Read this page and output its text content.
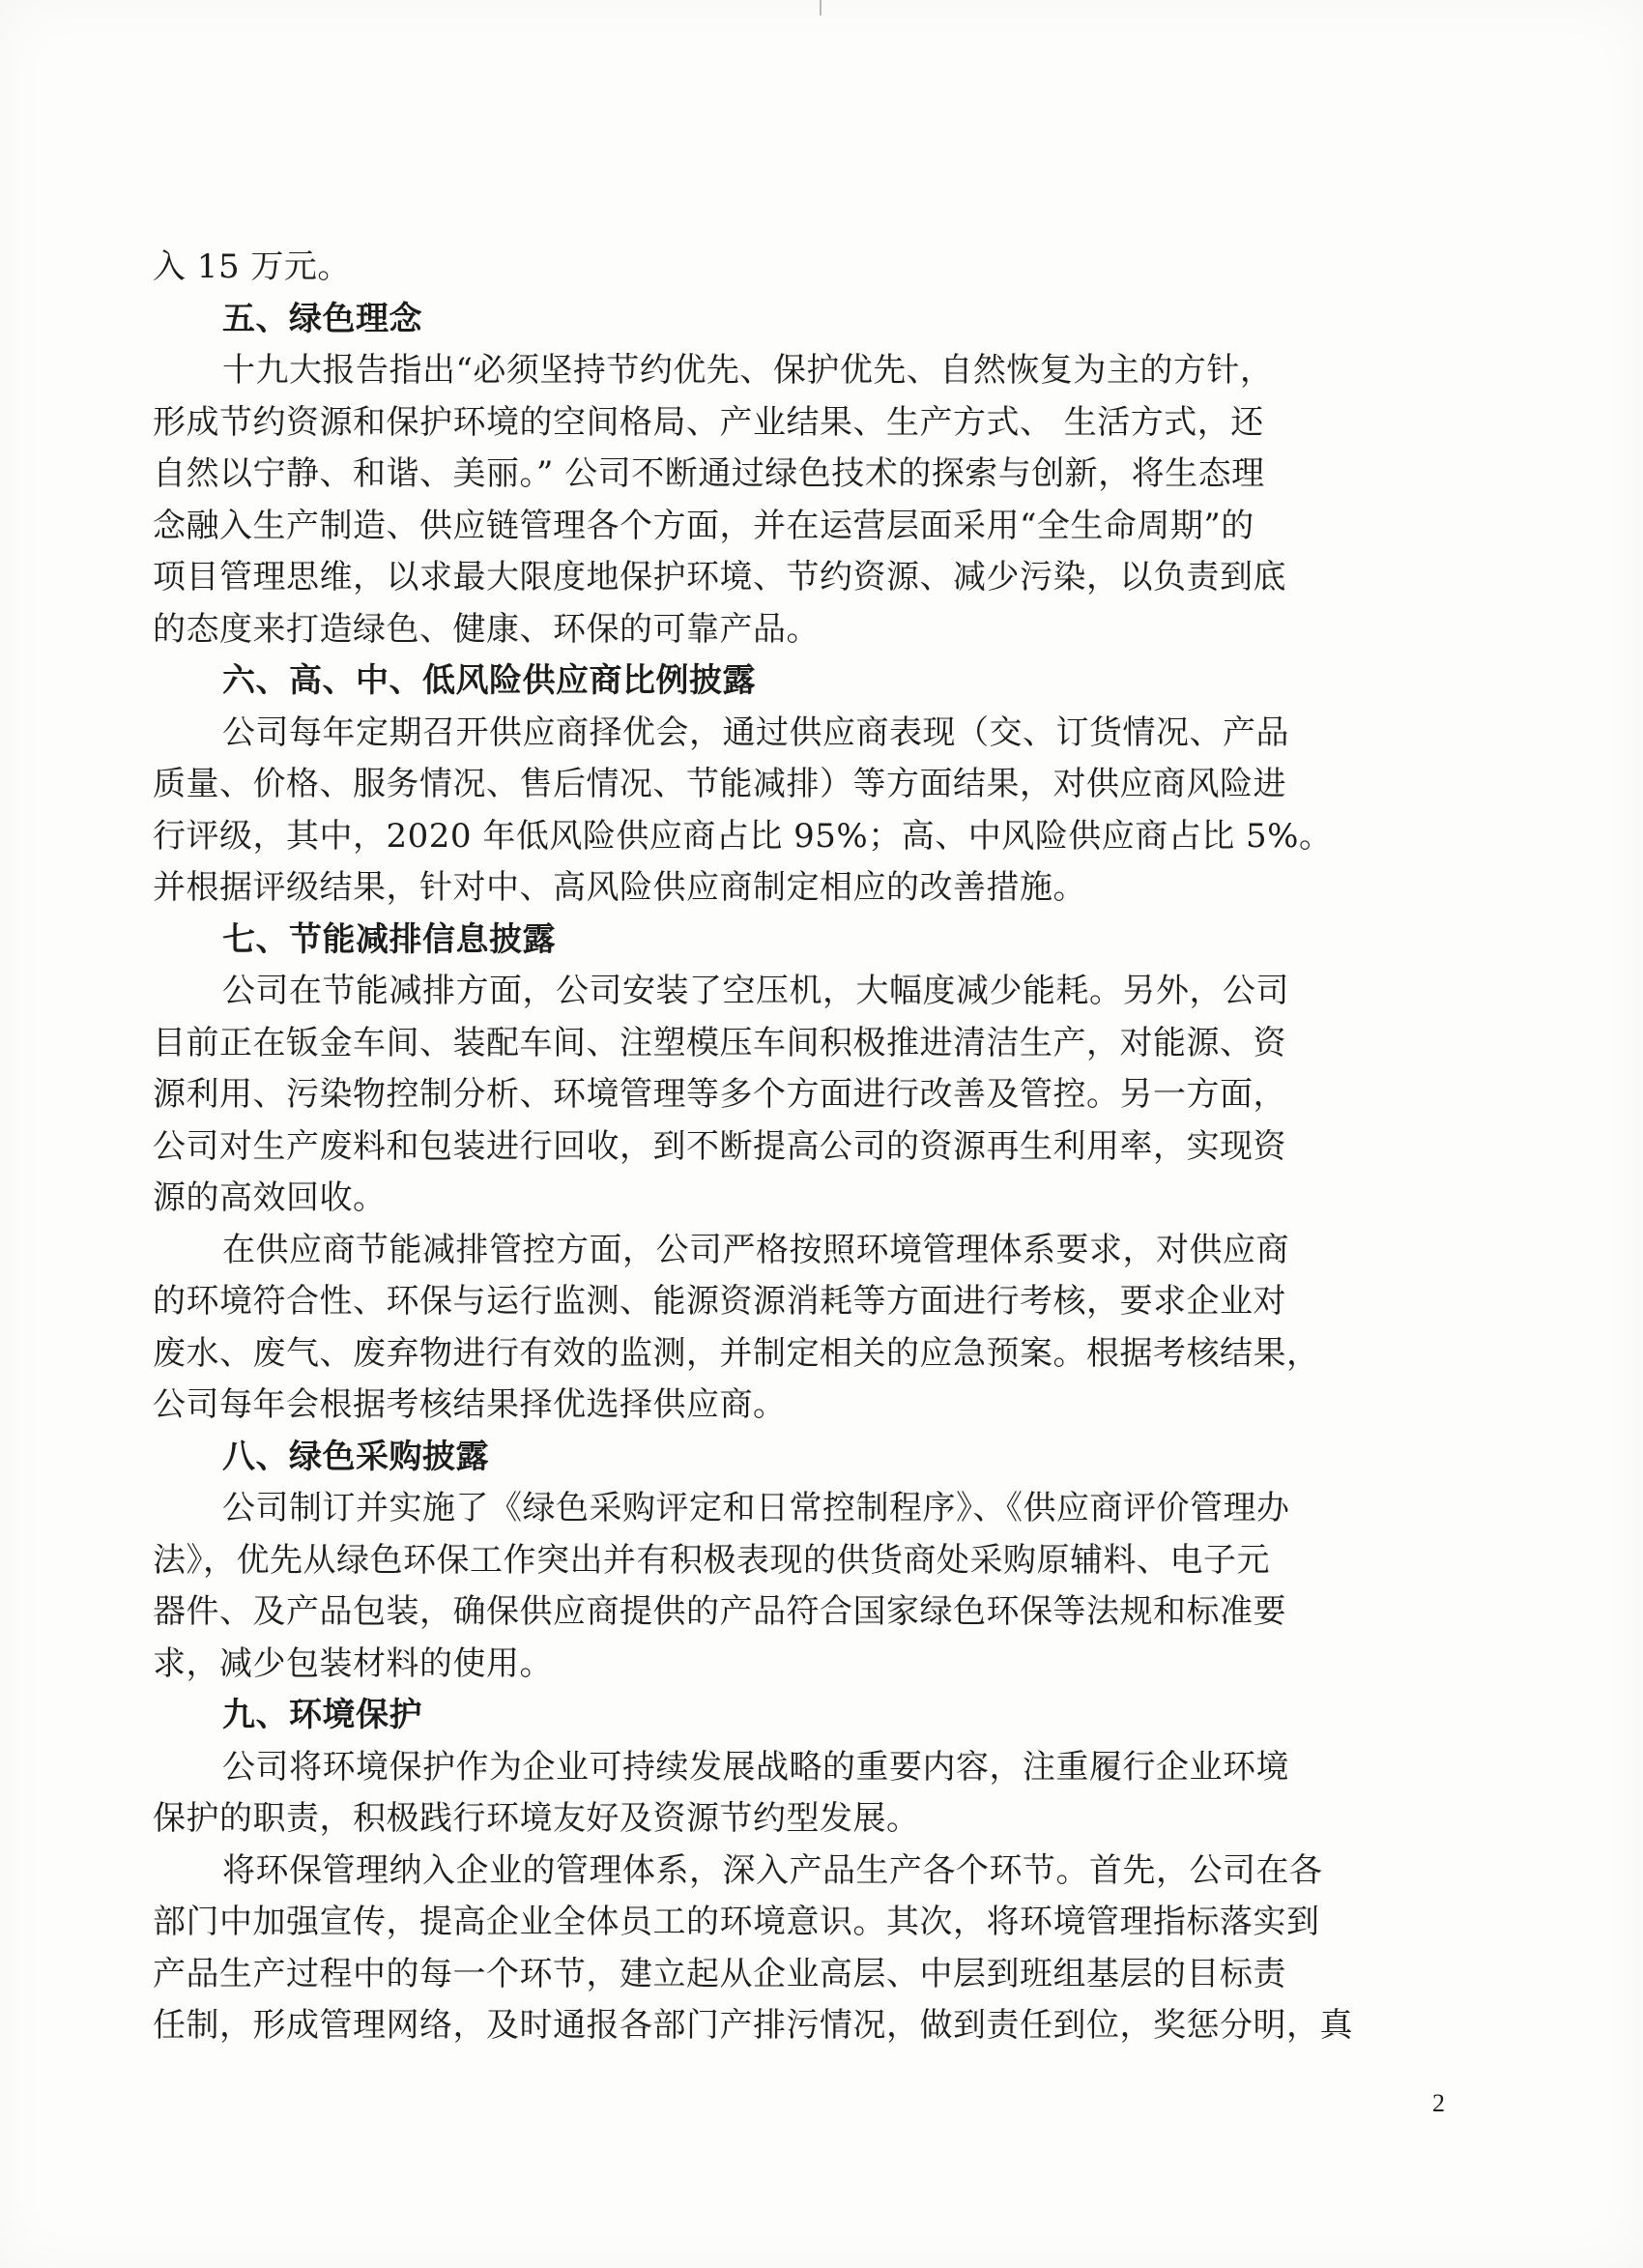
入 15 万元。
五、绿色理念
十九大报告指出“必须坚持节约优先、保护优先、自然恢复为主的方针，
形成节约资源和保护环境的空间格局、产业结果、生产方式、 生活方式，还
自然以宁静、和谐、美丽。” 公司不断通过绿色技术的探索与创新，将生态理
念融入生产制造、供应链管理各个方面，并在运营层面采用“全生命周期”的
项目管理思维，以求最大限度地保护环境、节约资源、减少污染，以负责到底
的态度来打造绿色、健康、环保的可靠产品。
六、高、中、低风险供应商比例披露
公司每年定期召开供应商择优会，通过供应商表现（交、订货情况、产品
质量、价格、服务情况、售后情况、节能减排）等方面结果，对供应商风险进
行评级，其中，2020 年低风险供应商占比 95%；高、中风险供应商占比 5%。
并根据评级结果，针对中、高风险供应商制定相应的改善措施。
七、节能减排信息披露
公司在节能减排方面，公司安装了空压机，大幅度减少能耗。另外，公司
目前正在钣金车间、装配车间、注塑模压车间积极推进清洁生产，对能源、资
源利用、污染物控制分析、环境管理等多个方面进行改善及管控。另一方面，
公司对生产废料和包装进行回收，到不断提高公司的资源再生利用率，实现资
源的高效回收。
在供应商节能减排管控方面，公司严格按照环境管理体系要求，对供应商
的环境符合性、环保与运行监测、能源资源消耗等方面进行考核，要求企业对
废水、废气、废弃物进行有效的监测，并制定相关的应急预案。根据考核结果，
公司每年会根据考核结果择优选择供应商。
八、绿色采购披露
公司制订并实施了《绿色采购评定和日常控制程序》、《供应商评价管理办
法》，优先从绿色环保工作突出并有积极表现的供货商处采购原辅料、电子元
器件、及产品包装，确保供应商提供的产品符合国家绿色环保等法规和标准要
求，减少包装材料的使用。
九、环境保护
公司将环境保护作为企业可持续发展战略的重要内容，注重履行企业环境
保护的职责，积极践行环境友好及资源节约型发展。
将环保管理纳入企业的管理体系，深入产品生产各个环节。首先，公司在各
部门中加强宣传，提高企业全体员工的环境意识。其次，将环境管理指标落实到
产品生产过程中的每一个环节，建立起从企业高层、中层到班组基层的目标责
任制，形成管理网络，及时通报各部门产排污情况，做到责任到位，奖惩分明，真
2
